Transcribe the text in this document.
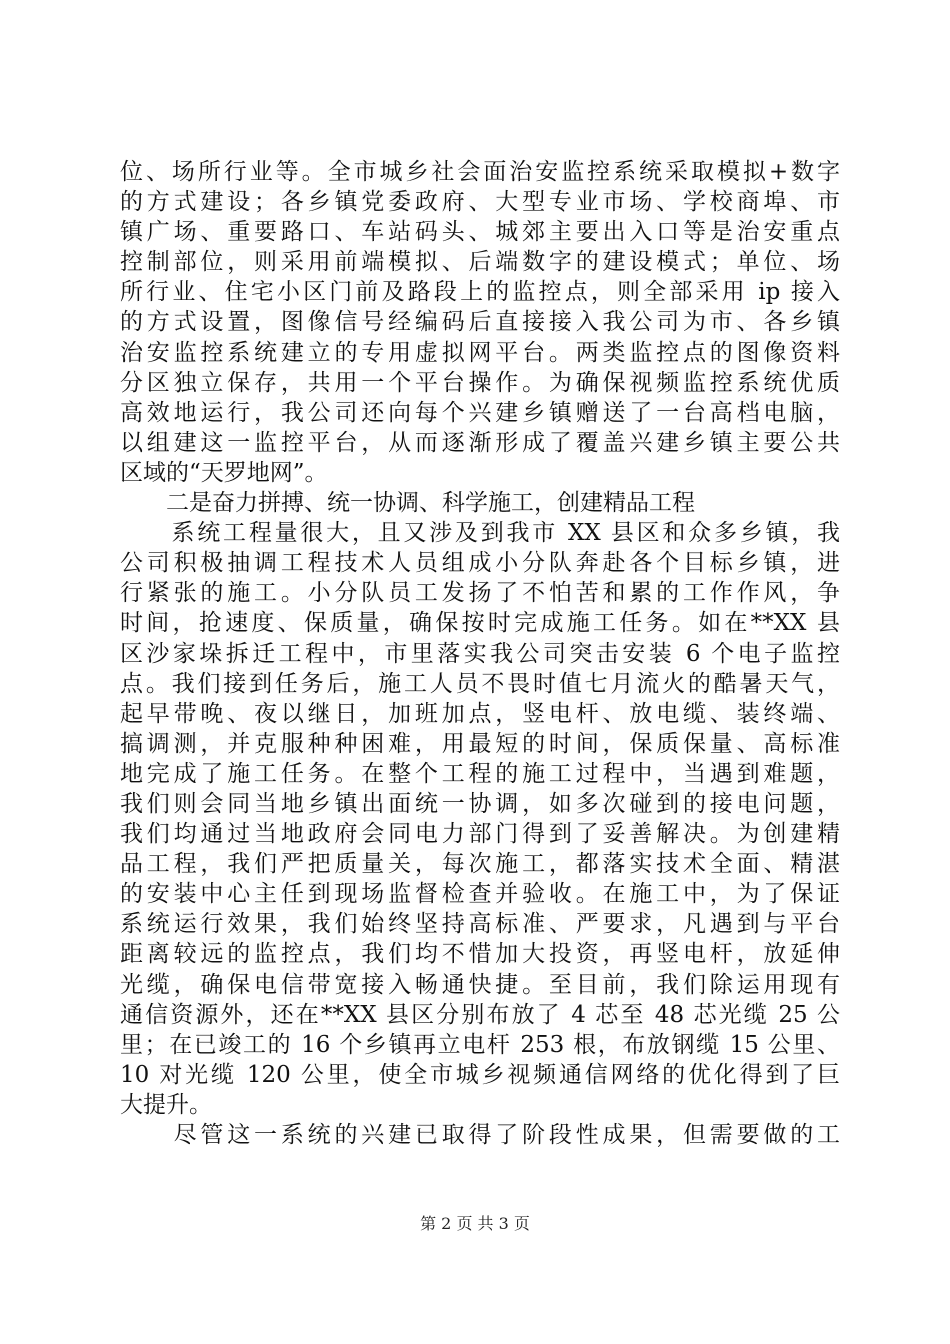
位、场所行业等。全市城乡社会面治安监控系统采取模拟+数字
的方式建设；各乡镇党委政府、大型专业市场、学校商埠、市
镇广场、重要路口、车站码头、城郊主要出入口等是治安重点
控制部位，则采用前端模拟、后端数字的建设模式；单位、场
所行业、住宅小区门前及路段上的监控点，则全部采用 ip 接入
的方式设置，图像信号经编码后直接接入我公司为市、各乡镇
治安监控系统建立的专用虚拟网平台。两类监控点的图像资料
分区独立保存，共用一个平台操作。为确保视频监控系统优质
高效地运行，我公司还向每个兴建乡镇赠送了一台高档电脑，
以组建这一监控平台，从而逐渐形成了覆盖兴建乡镇主要公共
区域的“天罗地网”。
　　二是奋力拼搏、统一协调、科学施工，创建精品工程
　　系统工程量很大，且又涉及到我市 XX 县区和众多乡镇，我
公司积极抽调工程技术人员组成小分队奔赴各个目标乡镇，进
行紧张的施工。小分队员工发扬了不怕苦和累的工作作风，争
时间，抢速度、保质量，确保按时完成施工任务。如在**XX 县
区沙家垛拆迁工程中，市里落实我公司突击安装 6 个电子监控
点。我们接到任务后，施工人员不畏时值七月流火的酷暑天气，
起早带晚、夜以继日，加班加点，竖电杆、放电缆、装终端、
搞调测，并克服种种困难，用最短的时间，保质保量、高标准
地完成了施工任务。在整个工程的施工过程中，当遇到难题，
我们则会同当地乡镇出面统一协调，如多次碰到的接电问题，
我们均通过当地政府会同电力部门得到了妥善解决。为创建精
品工程，我们严把质量关，每次施工，都落实技术全面、精湛
的安装中心主任到现场监督检查并验收。在施工中，为了保证
系统运行效果，我们始终坚持高标准、严要求，凡遇到与平台
距离较远的监控点，我们均不惜加大投资，再竖电杆，放延伸
光缆，确保电信带宽接入畅通快捷。至目前，我们除运用现有
通信资源外，还在**XX 县区分别布放了 4 芯至 48 芯光缆 25 公
里；在已竣工的 16 个乡镇再立电杆 253 根，布放钢缆 15 公里、
10 对光缆 120 公里，使全市城乡视频通信网络的优化得到了巨
大提升。
　　尽管这一系统的兴建已取得了阶段性成果，但需要做的工
第 2 页 共 3 页
